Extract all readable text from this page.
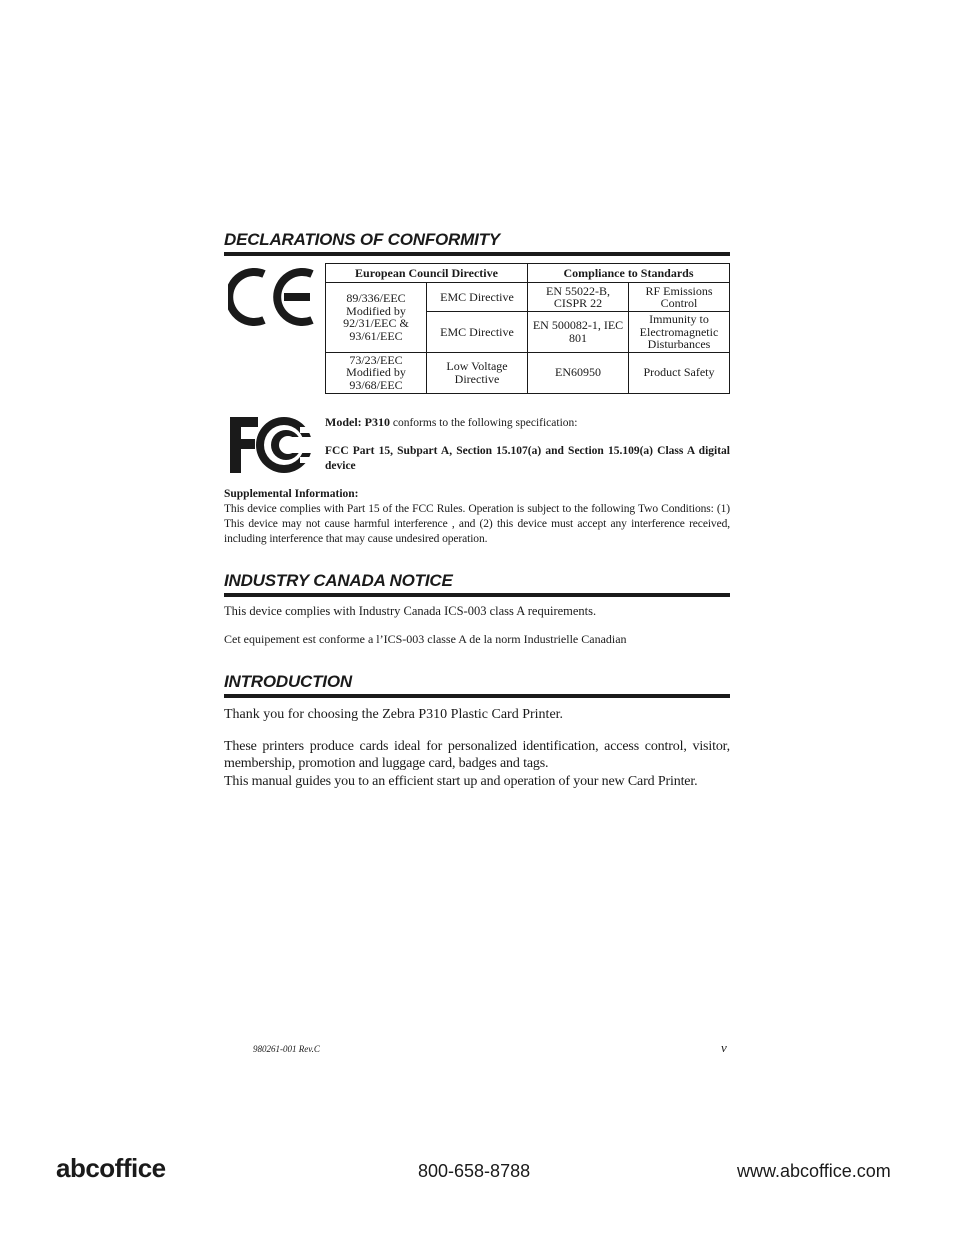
DECLARATIONS OF CONFORMITY
European Council Directive		Compliance to Standards	
89/336/EEC Modified by 92/31/EEC & 93/61/EEC	EMC Directive	EN 55022-B, CISPR 22	RF Emissions Control
	EMC Directive	EN 500082-1, IEC 801	Immunity to Electromagnetic Disturbances
73/23/EEC Modified by 93/68/EEC	Low Voltage Directive	EN60950	Product Safety
Model: P310 conforms to the following specification:
FCC Part 15, Subpart A, Section 15.107(a) and Section 15.109(a) Class A digital device
Supplemental Information:
This device complies with Part 15 of the FCC Rules. Operation is subject to the following Two Conditions: (1) This device may not cause harmful interference , and (2) this device must accept any interference received, including interference that may cause undesired operation.
INDUSTRY CANADA NOTICE
This device complies with Industry Canada ICS-003 class A requirements.
Cet equipement est conforme a l’ICS-003 classe A de la norm Industrielle Canadian
INTRODUCTION
Thank you for choosing the Zebra P310 Plastic Card Printer.
These printers produce cards ideal for personalized identification, access control, visitor, membership, promotion and luggage card, badges and tags.
This manual guides you to an efficient start up and operation of your new Card Printer.
980261-001 Rev.C	v
abcoffice	800-658-8788	www.abcoffice.com
